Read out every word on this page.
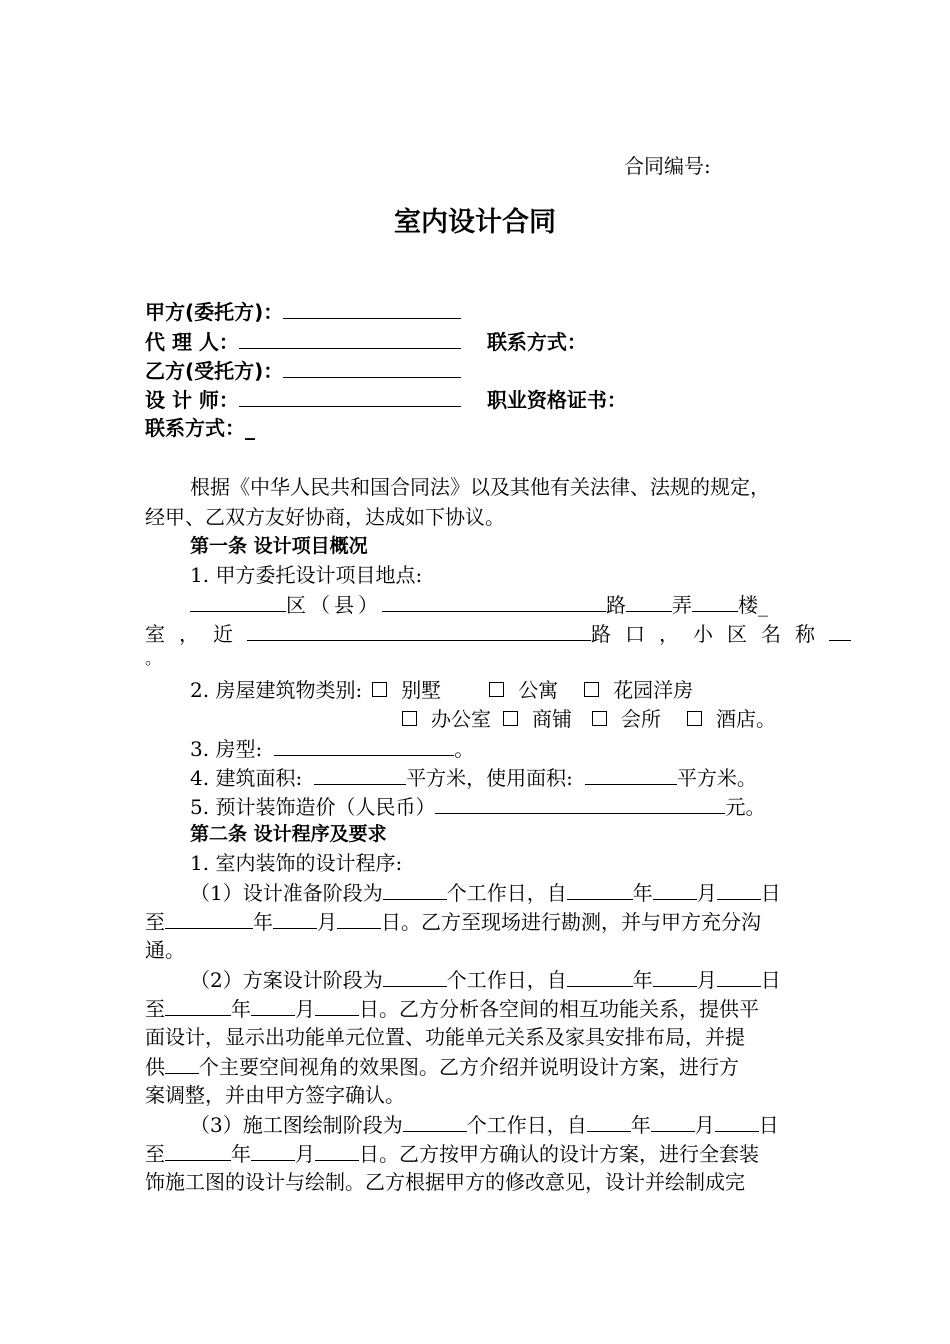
合同编号:
室内设计合同
甲方(委托方)：
代 理 人：	联系方式：
乙方(受托方)：
设 计 师：	职业资格证书：
联系方式：_
根据《中华人民共和国合同法》以及其他有关法律、法规的规定，
经甲、乙双方友好协商，达成如下协议。
第一条 设计项目概况
1. 甲方委托设计项目地点:
区（县）	路 弄 楼_
室，近	路口，小区名称
。
2. 房屋建筑物类别: 别墅	公寓	花园洋房
办公室 商铺 会所	酒店。
3. 房型:	。
4. 建筑面积:	平方米，使用面积:	平方米。
5. 预计装饰造价（人民币）	元。
第二条 设计程序及要求
1. 室内装饰的设计程序:
（1）设计准备阶段为	个工作日，自	年 月 日
至	年 月 日。乙方至现场进行勘测，并与甲方充分沟
通。
（2）方案设计阶段为	个工作日，自	年 月 日
至	年 月 日。乙方分析各空间的相互功能关系，提供平
面设计，显示出功能单元位置、功能单元关系及家具安排布局，并提
供 个主要空间视角的效果图。乙方介绍并说明设计方案，进行方
案调整，并由甲方签字确认。
（3）施工图绘制阶段为	个工作日，自 年 月 日
至	年 月 日。乙方按甲方确认的设计方案，进行全套装
饰施工图的设计与绘制。乙方根据甲方的修改意见，设计并绘制成完
